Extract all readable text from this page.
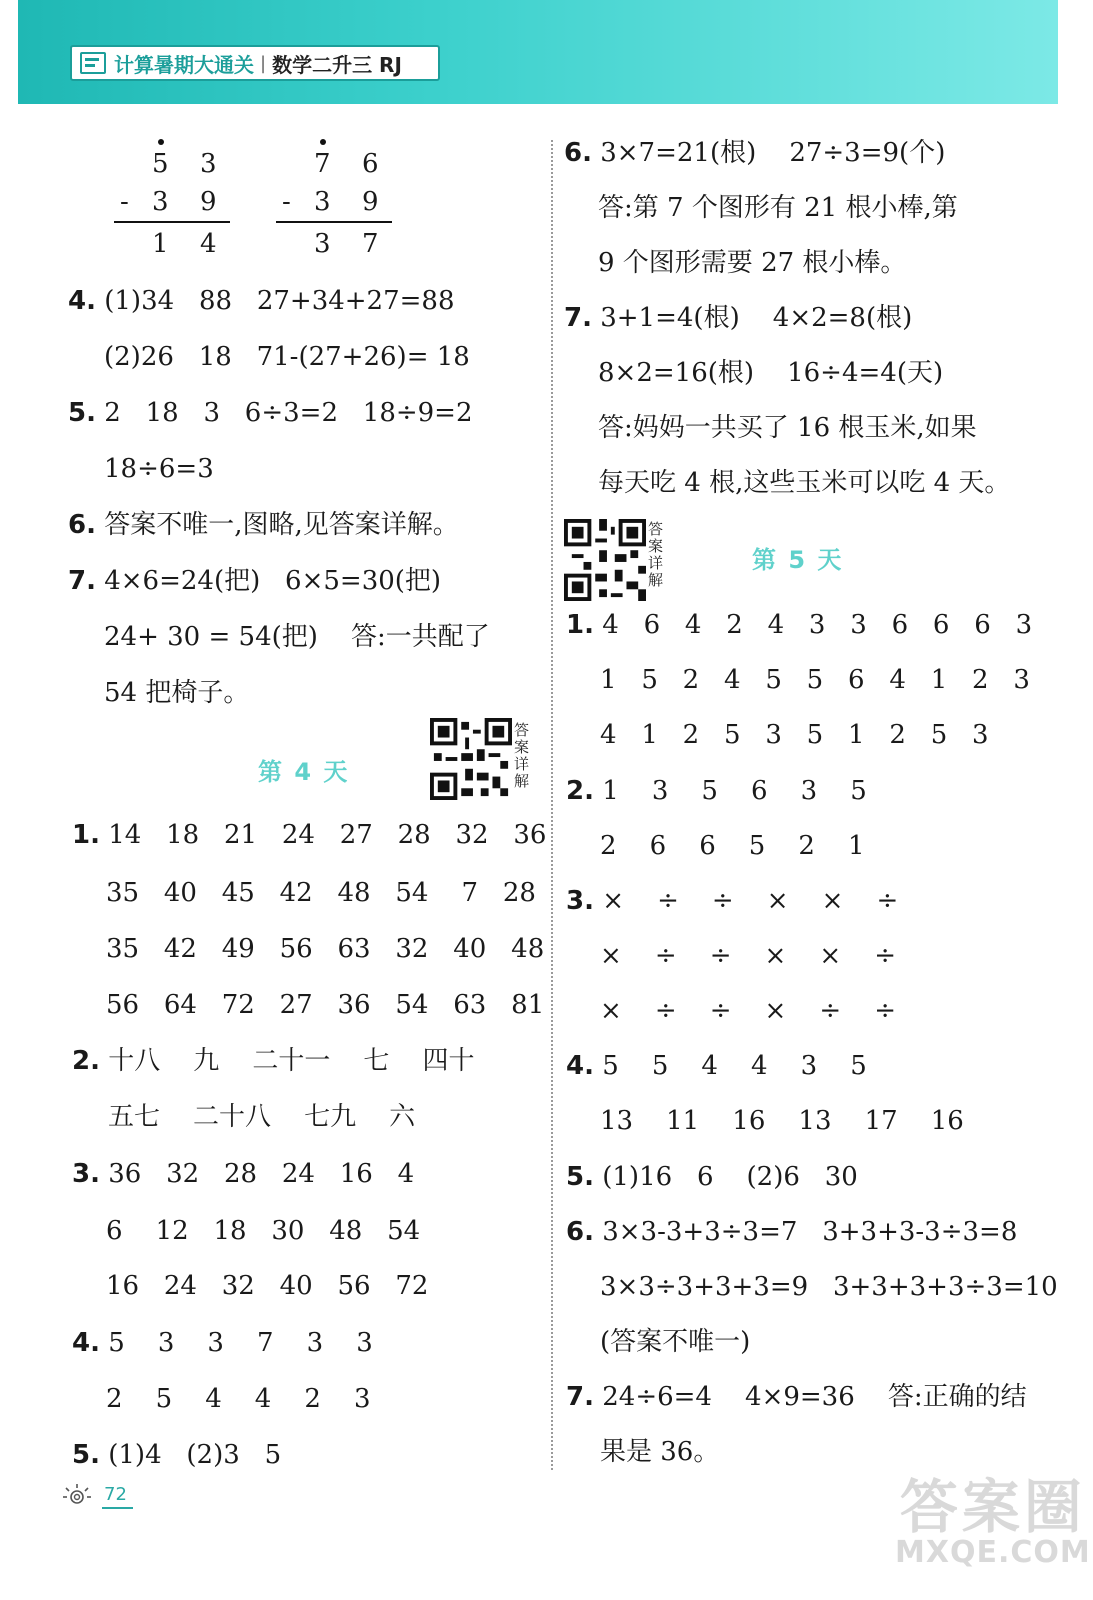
计算暑期大通关 | 数学二升三 RJ
5 3
- 3 9
1 4
7 6
- 3 9
3 7
4. (1)34   88   27+34+27=88
(2)26   18   71-(27+26)= 18
5. 2   18   3   6÷3=2   18÷9=2
18÷6=3
6. 答案不唯一,图略,见答案详解。
7. 4×6=24(把)   6×5=30(把)
24+ 30 = 54(把)    答:一共配了
54 把椅子。
第 4 天
答案详解
1. 14   18   21   24   27   28   32   36
35   40   45   42   48   54    7   28
35   42   49   56   63   32   40   48
56   64   72   27   36   54   63   81
2. 十八    九    二十一    七    四十
五七    二十八    七九    六
3. 36   32   28   24   16   4
6    12   18   30   48   54
16   24   32   40   56   72
4. 5    3    3    7    3    3
2    5    4    4    2    3
5. (1)4   (2)3   5
6. 3×7=21(根)    27÷3=9(个)
答:第 7 个图形有 21 根小棒,第
9 个图形需要 27 根小棒。
7. 3+1=4(根)    4×2=8(根)
8×2=16(根)    16÷4=4(天)
答:妈妈一共买了 16 根玉米,如果
每天吃 4 根,这些玉米可以吃 4 天。
答案详解
第 5 天
1. 4   6   4   2   4   3   3   6   6   6   3
1   5   2   4   5   5   6   4   1   2   3
4   1   2   5   3   5   1   2   5   3
2. 1    3    5    6    3    5
2    6    6    5    2    1
3. ×    ÷    ÷    ×    ×    ÷
×    ÷    ÷    ×    ×    ÷
×    ÷    ÷    ×    ÷    ÷
4. 5    5    4    4    3    5
13    11    16    13    17    16
5. (1)16   6    (2)6   30
6. 3×3-3+3÷3=7   3+3+3-3÷3=8
3×3÷3+3+3=9   3+3+3+3÷3=10
(答案不唯一)
7. 24÷6=4    4×9=36    答:正确的结
果是 36。
72	答案圈
MXQE.COM
